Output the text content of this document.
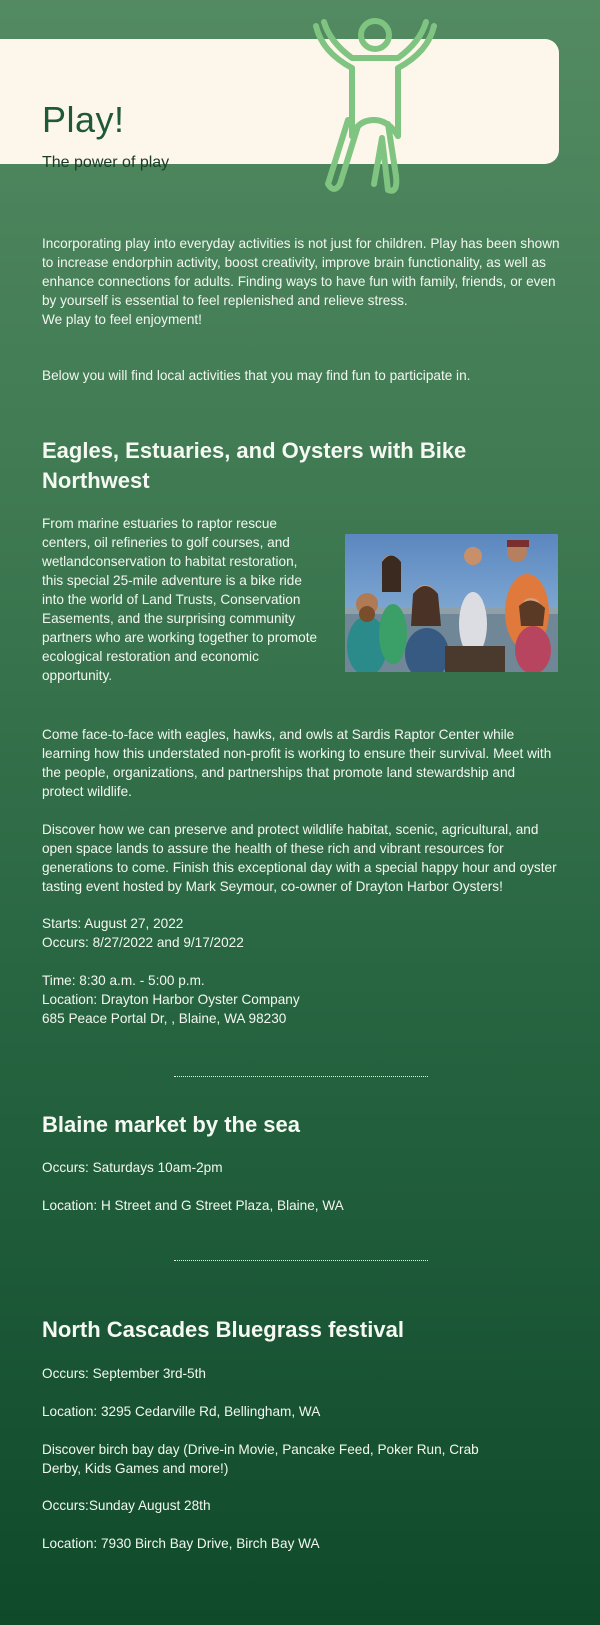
Play!

The power of play

Incorporating play into everyday activities is not just for children. Play has been shown to increase endorphin activity, boost creativity, improve brain functionality, as well as enhance connections for adults. Finding ways to have fun with family, friends, or even by yourself is essential to feel replenished and relieve stress.
We play to feel enjoyment!

Below you will find local activities that you may find fun to participate in.

Eagles, Estuaries, and Oysters with Bike Northwest

From marine estuaries to raptor rescue centers, oil refineries to golf courses, and wetlandconservation to habitat restoration, this special 25-mile adventure is a bike ride into the world of Land Trusts, Conservation Easements, and the surprising community partners who are working together to promote ecological restoration and economic opportunity.

Come face-to-face with eagles, hawks, and owls at Sardis Raptor Center while learning how this understated non-profit is working to ensure their survival. Meet with the people, organizations, and partnerships that promote land stewardship and protect wildlife.

Discover how we can preserve and protect wildlife habitat, scenic, agricultural, and open space lands to assure the health of these rich and vibrant resources for generations to come. Finish this exceptional day with a special happy hour and oyster tasting event hosted by Mark Seymour, co-owner of Drayton Harbor Oysters!

Starts: August 27, 2022
Occurs: 8/27/2022 and 9/17/2022

Time: 8:30 a.m. - 5:00 p.m.
Location: Drayton Harbor Oyster Company
685 Peace Portal Dr, , Blaine, WA 98230

Blaine market by the sea

Occurs: Saturdays 10am-2pm

Location: H Street and G Street Plaza, Blaine, WA

North Cascades Bluegrass festival

Occurs: September 3rd-5th

Location: 3295 Cedarville Rd, Bellingham, WA

Discover birch bay day (Drive-in Movie, Pancake Feed, Poker Run, Crab Derby, Kids Games and more!)

Occurs:Sunday August 28th

Location: 7930 Birch Bay Drive, Birch Bay WA
